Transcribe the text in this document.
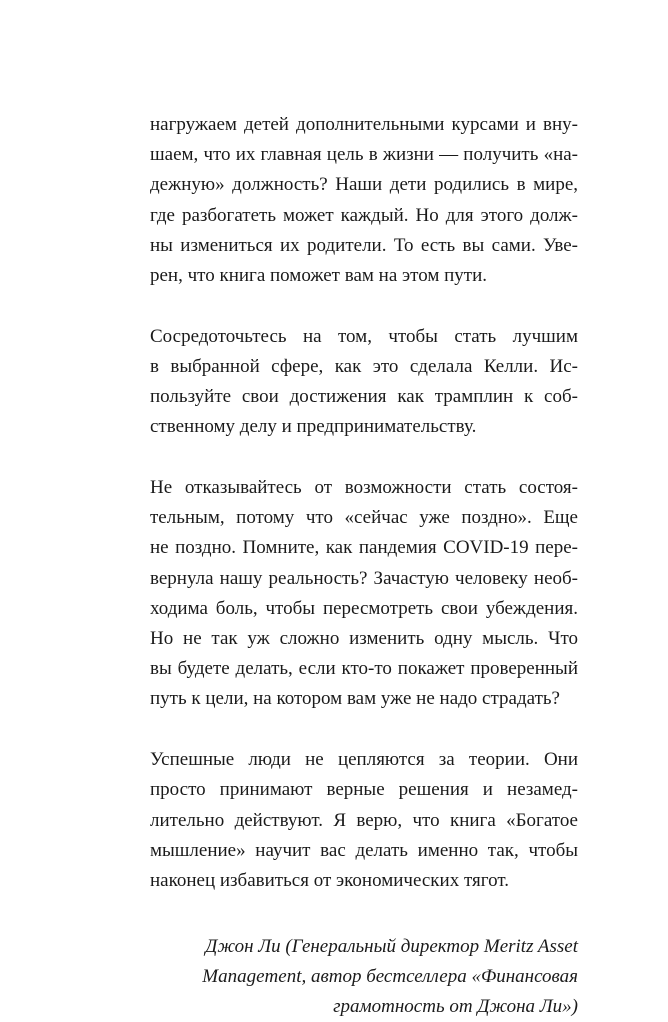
нагружаем детей дополнительными курсами и вну-
шаем, что их главная цель в жизни — получить «на-
дежную» должность? Наши дети родились в мире,
где разбогатеть может каждый. Но для этого долж-
ны измениться их родители. То есть вы сами. Уве-
рен, что книга поможет вам на этом пути.
Сосредоточьтесь на том, чтобы стать лучшим
в выбранной сфере, как это сделала Келли. Ис-
пользуйте свои достижения как трамплин к соб-
ственному делу и предпринимательству.
Не отказывайтесь от возможности стать состоя-
тельным, потому что «сейчас уже поздно». Еще
не поздно. Помните, как пандемия COVID-19 пере-
вернула нашу реальность? Зачастую человеку необ-
ходима боль, чтобы пересмотреть свои убеждения.
Но не так уж сложно изменить одну мысль. Что
вы будете делать, если кто-то покажет проверенный
путь к цели, на котором вам уже не надо страдать?
Успешные люди не цепляются за теории. Они
просто принимают верные решения и незамед-
лительно действуют. Я верю, что книга «Богатое
мышление» научит вас делать именно так, чтобы
наконец избавиться от экономических тягот.
Джон Ли (Генеральный директор Meritz Asset
Management, автор бестселлера «Финансовая
грамотность от Джона Ли»)
